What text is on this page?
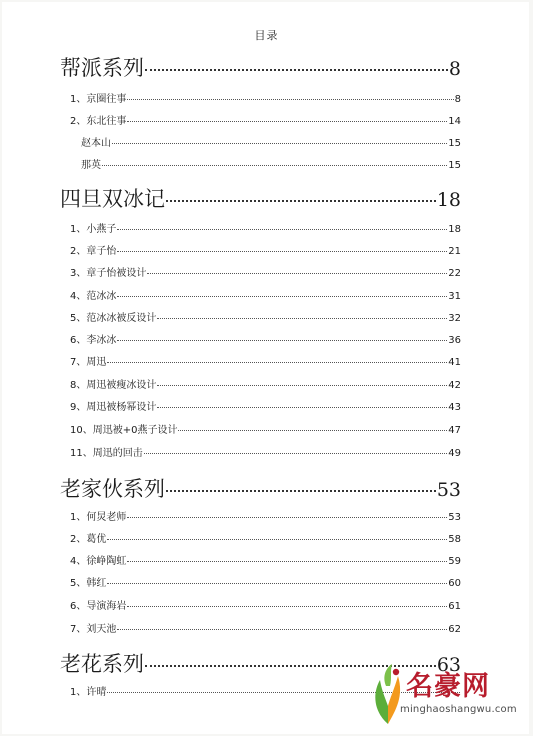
目录
帮派系列	8
1、京圈往事	8
2、东北往事	14
赵本山	15
那英	15
四旦双冰记	18
1、小燕子	18
2、章子怡	21
3、章子怡被设计	22
4、范冰冰	31
5、范冰冰被反设计	32
6、李冰冰	36
7、周迅	41
8、周迅被瘦冰设计	42
9、周迅被杨幂设计	43
10、周迅被+0燕子设计	47
11、周迅的回击	49
老家伙系列	53
1、何炅老师	53
2、葛优	58
4、徐峥陶虹	59
5、韩红	60
6、导演海岩	61
7、刘天池	62
老花系列	63
1、许晴	名豪网
minghaoshangwu.com
